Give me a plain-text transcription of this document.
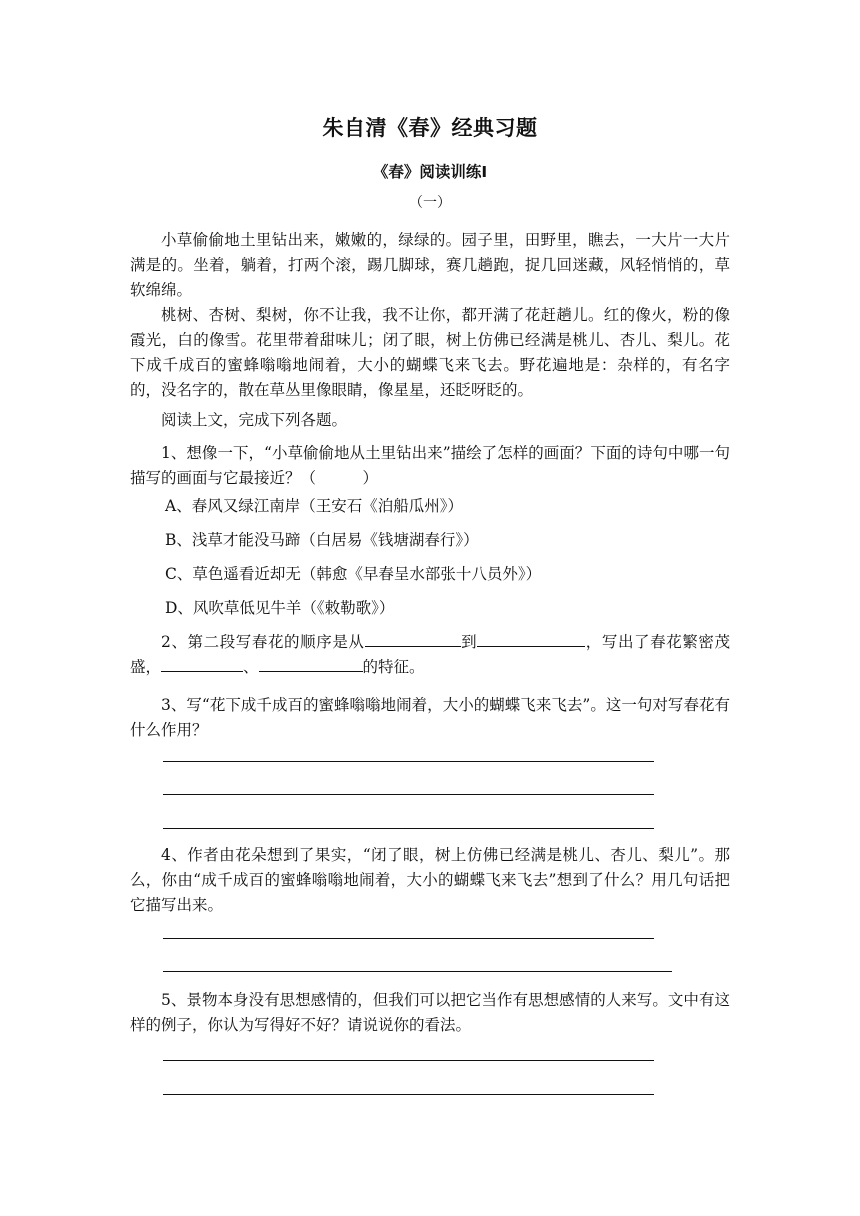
朱自清《春》经典习题
《春》阅读训练Ⅰ
（一）

小草偷偷地土里钻出来，嫩嫩的，绿绿的。园子里，田野里，瞧去，一大片一大片满是的。坐着，躺着，打两个滚，踢几脚球，赛几趟跑，捉几回迷藏，风轻悄悄的，草软绵绵。

桃树、杏树、梨树，你不让我，我不让你，都开满了花赶趟儿。红的像火，粉的像霞光，白的像雪。花里带着甜味儿；闭了眼，树上仿佛已经满是桃儿、杏儿、梨儿。花下成千成百的蜜蜂嗡嗡地闹着，大小的蝴蝶飞来飞去。野花遍地是：杂样的，有名字的，没名字的，散在草丛里像眼睛，像星星，还眨呀眨的。

阅读上文，完成下列各题。

1、想像一下，“小草偷偷地从土里钻出来”描绘了怎样的画面？下面的诗句中哪一句描写的画面与它最接近？（　　　）

A、春风又绿江南岸（王安石《泊船瓜州》）

B、浅草才能没马蹄（白居易《钱塘湖春行》）

C、草色遥看近却无（韩愈《早春呈水部张十八员外》）

D、风吹草低见牛羊（《敕勒歌》）

2、第二段写春花的顺序是从	到	，写出了春花繁密茂盛，	、	的特征。

3、写“花下成千成百的蜜蜂嗡嗡地闹着，大小的蝴蝶飞来飞去”。这一句对写春花有什么作用？

4、作者由花朵想到了果实，“闭了眼，树上仿佛已经满是桃儿、杏儿、梨儿”。那么，你由“成千成百的蜜蜂嗡嗡地闹着，大小的蝴蝶飞来飞去”想到了什么？用几句话把它描写出来。

5、景物本身没有思想感情的，但我们可以把它当作有思想感情的人来写。文中有这样的例子，你认为写得好不好？请说说你的看法。
